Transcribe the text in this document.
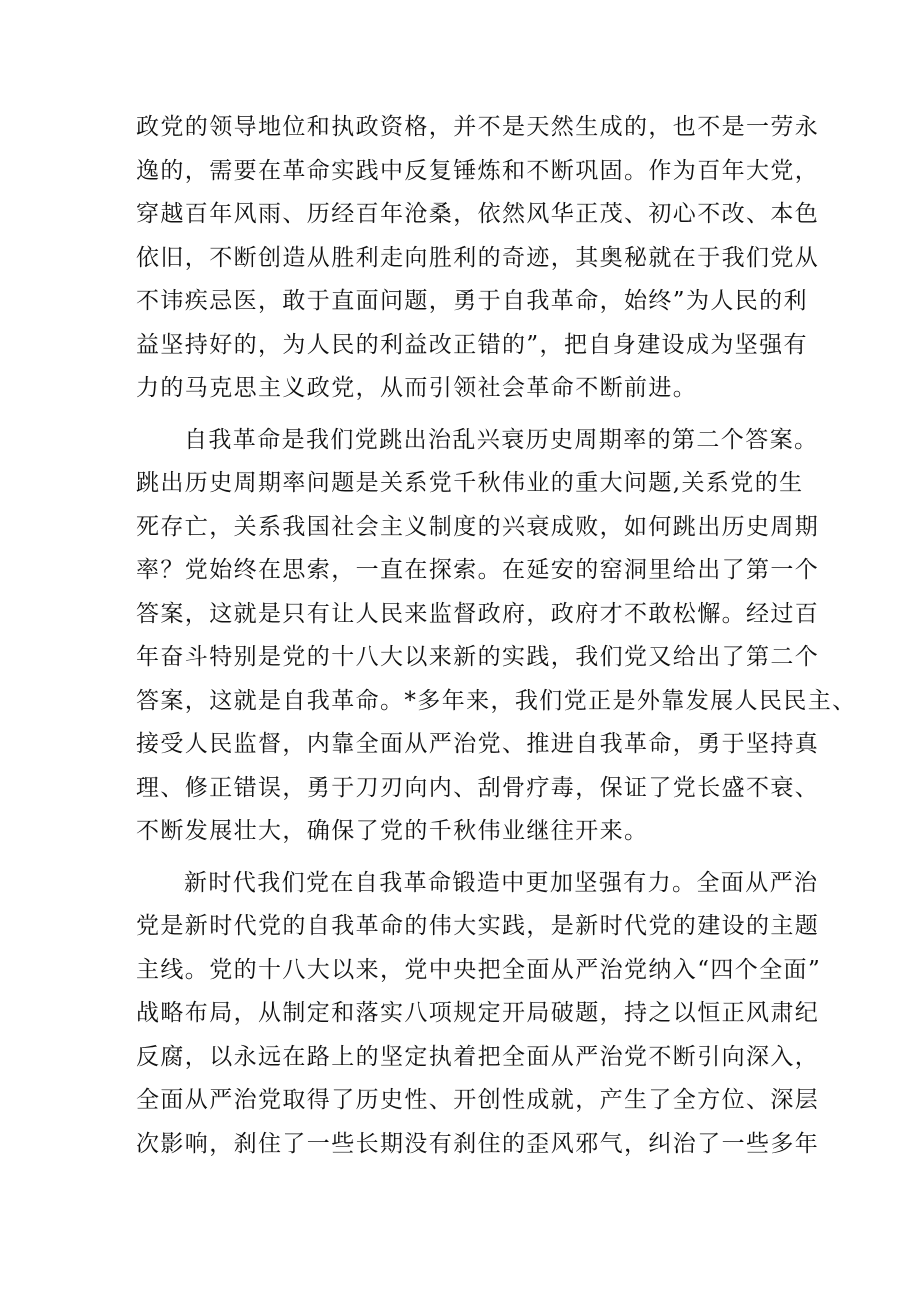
政党的领导地位和执政资格，并不是天然生成的，也不是一劳永
逸的，需要在革命实践中反复锤炼和不断巩固。作为百年大党，
穿越百年风雨、历经百年沧桑，依然风华正茂、初心不改、本色
依旧，不断创造从胜利走向胜利的奇迹，其奥秘就在于我们党从
不讳疾忌医，敢于直面问题，勇于自我革命，始终”为人民的利
益坚持好的，为人民的利益改正错的”，把自身建设成为坚强有
力的马克思主义政党，从而引领社会革命不断前进。
自我革命是我们党跳出治乱兴衰历史周期率的第二个答案。
跳出历史周期率问题是关系党千秋伟业的重大问题,关系党的生
死存亡，关系我国社会主义制度的兴衰成败，如何跳出历史周期
率？党始终在思索，一直在探索。在延安的窑洞里给出了第一个
答案，这就是只有让人民来监督政府，政府才不敢松懈。经过百
年奋斗特别是党的十八大以来新的实践，我们党又给出了第二个
答案，这就是自我革命。*多年来，我们党正是外靠发展人民民主、
接受人民监督，内靠全面从严治党、推进自我革命，勇于坚持真
理、修正错误，勇于刀刃向内、刮骨疗毒，保证了党长盛不衰、
不断发展壮大，确保了党的千秋伟业继往开来。
新时代我们党在自我革命锻造中更加坚强有力。全面从严治
党是新时代党的自我革命的伟大实践，是新时代党的建设的主题
主线。党的十八大以来，党中央把全面从严治党纳入“四个全面”
战略布局，从制定和落实八项规定开局破题，持之以恒正风肃纪
反腐，以永远在路上的坚定执着把全面从严治党不断引向深入，
全面从严治党取得了历史性、开创性成就，产生了全方位、深层
次影响，刹住了一些长期没有刹住的歪风邪气，纠治了一些多年
